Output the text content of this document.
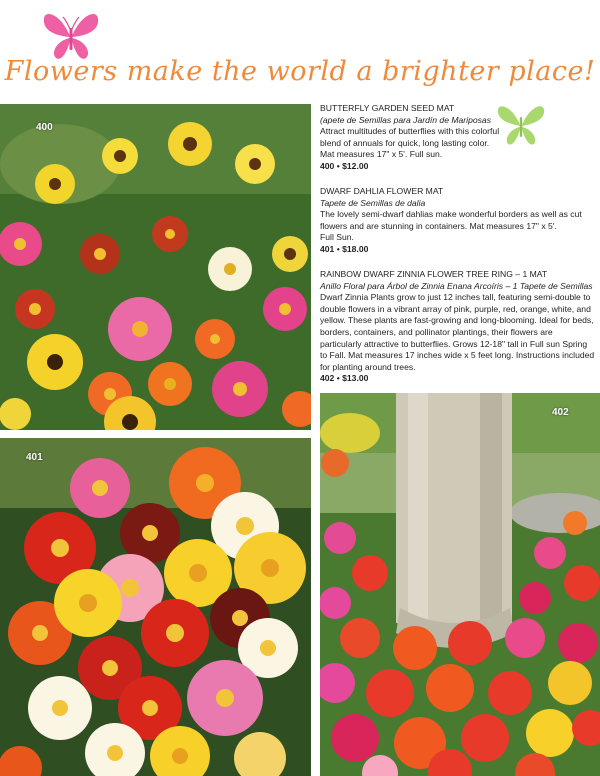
Flowers make the world a brighter place!
400
401
402

BUTTERFLY GARDEN SEED MAT

(apete de Semillas para Jardín de Mariposas

Attract multitudes of butterflies with this colorful blend of annuals for quick, long lasting color.

Mat measures 17" x 5'. Full sun.

400 • $12.00

DWARF DAHLIA FLOWER MAT

Tapete de Semillas de dalia

The lovely semi-dwarf dahlias make wonderful borders as well as cut flowers and are stunning in containers. Mat measures 17" x 5'.

Full Sun.

401 • $18.00

RAINBOW DWARF ZINNIA FLOWER TREE RING – 1 MAT

Anillo Floral para Árbol de Zinnia Enana Arcoíris – 1 Tapete de Semillas

Dwarf Zinnia Plants grow to just 12 inches tall, featuring semi-double to double flowers in a vibrant array of pink, purple, red, orange, white, and yellow. These plants are fast-growing and long-blooming. Ideal for beds, borders, containers, and pollinator plantings, their flowers are particularly attractive to butterflies. Grows 12-18" tall in Full sun Spring to Fall. Mat measures 17 inches wide x 5 feet long. Instructions included for planting around trees.

402 • $13.00
